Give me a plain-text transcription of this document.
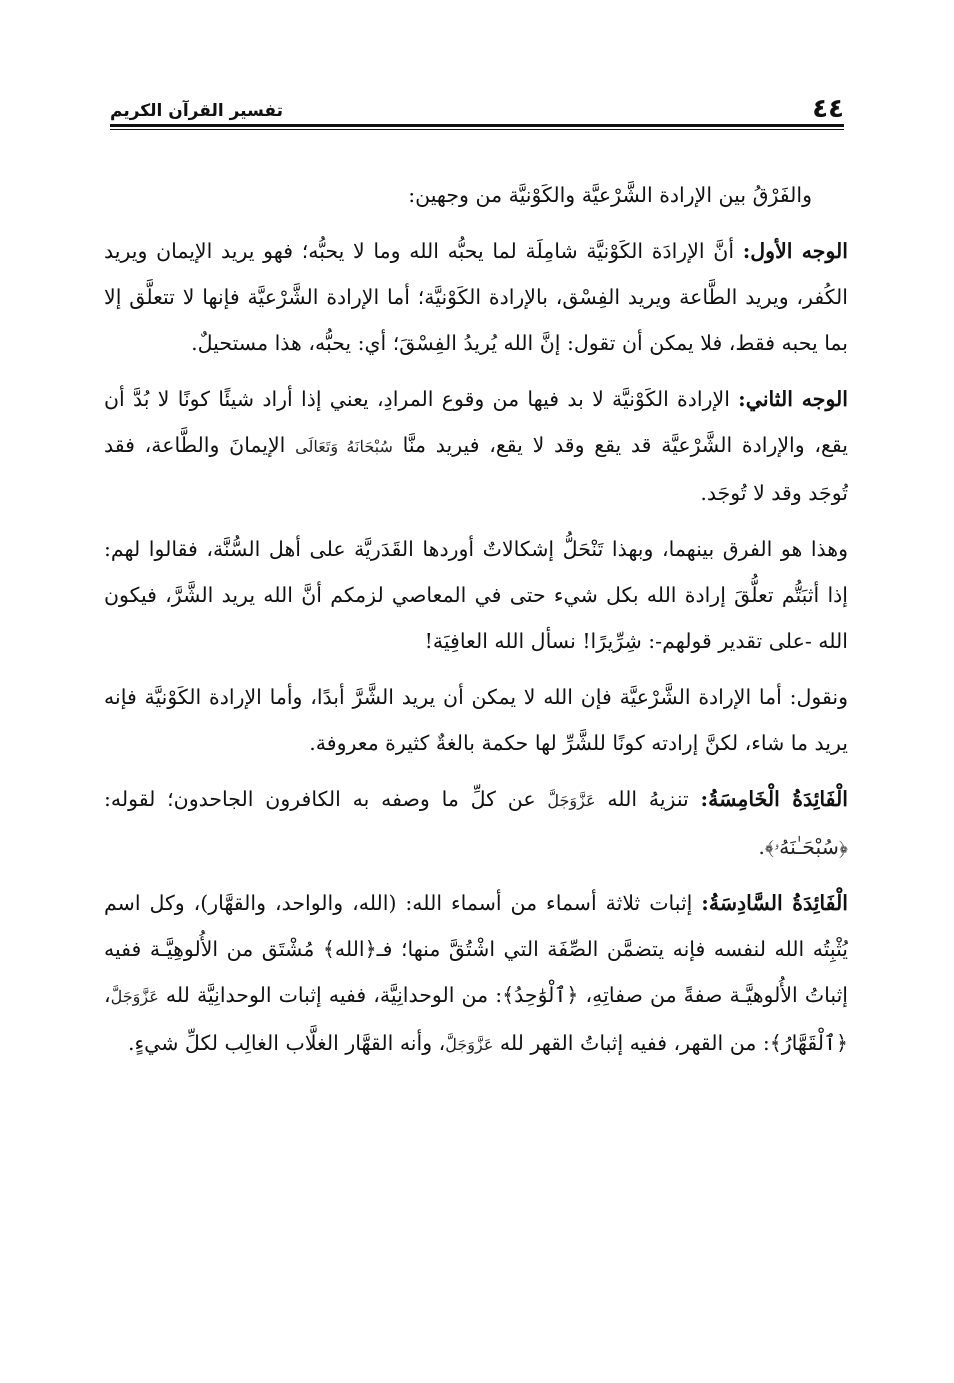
٤٤
تفسير القرآن الكريم

والفَرْقُ بين الإرادة الشَّرْعيَّة والكَوْنيَّة من وجهين:

الوجه الأول: أنَّ الإرادَة الكَوْنيَّة شامِلَة لما يحبُّه الله وما لا يحبُّه؛ فهو يريد الإيمان ويريد الكُفر، ويريد الطَّاعة ويريد الفِسْق، بالإرادة الكَوْنيَّة؛ أما الإرادة الشَّرْعيَّة فإنها لا تتعلَّق إلا بما يحبه فقط، فلا يمكن أن تقول: إنَّ الله يُريدُ الفِسْقَ؛ أي: يحبُّه، هذا مستحيلٌ.

الوجه الثاني: الإرادة الكَوْنيَّة لا بد فيها من وقوع المرادِ، يعني إذا أراد شيئًا كونًا لا بُدَّ أن يقع، والإرادة الشَّرْعيَّة قد يقع وقد لا يقع، فيريد منَّا سُبْحَانَهُ وَتَعَالَى الإيمانَ والطَّاعة، فقد تُوجَد وقد لا تُوجَد.

وهذا هو الفرق بينهما، وبهذا تَنْحَلُّ إشكالاتٌ أوردها القَدَريَّة على أهل السُّنَّة، فقالوا لهم: إذا أثبَتُّم تعلُّقَ إرادة الله بكل شيء حتى في المعاصي لزمكم أنَّ الله يريد الشَّرَّ، فيكون الله -على تقدير قولهم-: شِرِّيرًا! نسأل الله العافِيَة!

ونقول: أما الإرادة الشَّرْعيَّة فإن الله لا يمكن أن يريد الشَّرَّ أبدًا، وأما الإرادة الكَوْنيَّة فإنه يريد ما شاء، لكنَّ إرادته كونًا للشَّرِّ لها حكمة بالغةٌ كثيرة معروفة.

الْفَائِدَةُ الْخَامِسَةُ: تنزيهُ الله عَزَّوَجَلَّ عن كلِّ ما وصفه به الكافرون الجاحدون؛ لقوله: ﴿سُبْحَـٰنَهُۥ﴾.

الْفَائِدَةُ السَّادِسَةُ: إثبات ثلاثة أسماء من أسماء الله: (الله، والواحد، والقهَّار)، وكل اسم يُثْبِتُه الله لنفسه فإنه يتضمَّن الصِّفَة التي اشْتُقَّ منها؛ فـ﴿الله﴾ مُشْتَق من الأُلوهِيَّـة ففيه إثباتُ الأُلوهيَّـة صفةً من صفاتِهِ، ﴿ٱلْوَٰحِدُ﴾: من الوحدانِيَّة، ففيه إثبات الوحدانِيَّة لله عَزَّوَجَلَّ، ﴿ٱلْقَهَّارُ﴾: من القهر، ففيه إثباتُ القهر لله عَزَّوَجَلَّ، وأنه القهَّار الغلَّاب الغالِب لكلِّ شيءٍ.
